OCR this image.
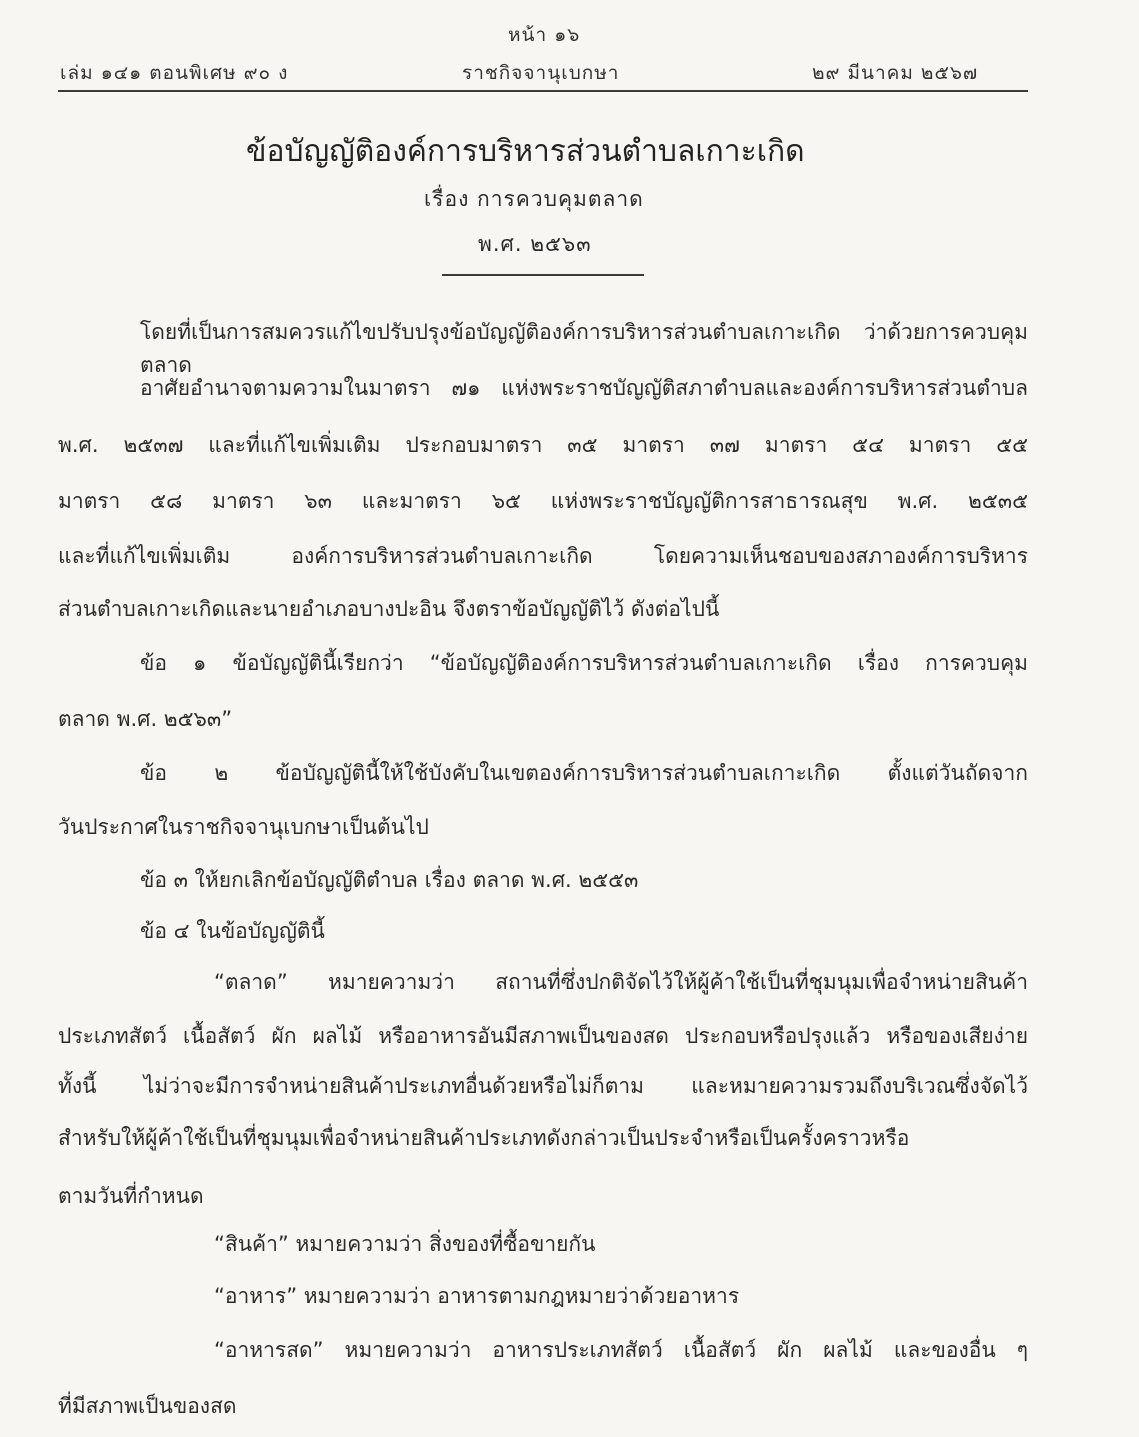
หน้า ๑๖
เล่ม ๑๔๑ ตอนพิเศษ ๙๐ ง	ราชกิจจานุเบกษา	๒๙ มีนาคม ๒๕๖๗
ข้อบัญญัติองค์การบริหารส่วนตำบลเกาะเกิด
เรื่อง การควบคุมตลาด
พ.ศ. ๒๕๖๓
โดยที่เป็นการสมควรแก้ไขปรับปรุงข้อบัญญัติองค์การบริหารส่วนตำบลเกาะเกิด ว่าด้วยการควบคุมตลาด
อาศัยอำนาจตามความในมาตรา ๗๑ แห่งพระราชบัญญัติสภาตำบลและองค์การบริหารส่วนตำบล
พ.ศ. ๒๕๓๗ และที่แก้ไขเพิ่มเติม ประกอบมาตรา ๓๕ มาตรา ๓๗ มาตรา ๕๔ มาตรา ๕๕
มาตรา ๕๘ มาตรา ๖๓ และมาตรา ๖๕ แห่งพระราชบัญญัติการสาธารณสุข พ.ศ. ๒๕๓๕
และที่แก้ไขเพิ่มเติม องค์การบริหารส่วนตำบลเกาะเกิด โดยความเห็นชอบของสภาองค์การบริหาร
ส่วนตำบลเกาะเกิดและนายอำเภอบางปะอิน จึงตราข้อบัญญัติไว้ ดังต่อไปนี้
ข้อ ๑ ข้อบัญญัตินี้เรียกว่า “ข้อบัญญัติองค์การบริหารส่วนตำบลเกาะเกิด เรื่อง การควบคุม
ตลาด พ.ศ. ๒๕๖๓”
ข้อ ๒ ข้อบัญญัตินี้ให้ใช้บังคับในเขตองค์การบริหารส่วนตำบลเกาะเกิด ตั้งแต่วันถัดจาก
วันประกาศในราชกิจจานุเบกษาเป็นต้นไป
ข้อ ๓ ให้ยกเลิกข้อบัญญัติตำบล เรื่อง ตลาด พ.ศ. ๒๕๕๓
ข้อ ๔ ในข้อบัญญัตินี้
“ตลาด” หมายความว่า สถานที่ซึ่งปกติจัดไว้ให้ผู้ค้าใช้เป็นที่ชุมนุมเพื่อจำหน่ายสินค้า
ประเภทสัตว์ เนื้อสัตว์ ผัก ผลไม้ หรืออาหารอันมีสภาพเป็นของสด ประกอบหรือปรุงแล้ว หรือของเสียง่าย
ทั้งนี้ ไม่ว่าจะมีการจำหน่ายสินค้าประเภทอื่นด้วยหรือไม่ก็ตาม และหมายความรวมถึงบริเวณซึ่งจัดไว้
สำหรับให้ผู้ค้าใช้เป็นที่ชุมนุมเพื่อจำหน่ายสินค้าประเภทดังกล่าวเป็นประจำหรือเป็นครั้งคราวหรือ
ตามวันที่กำหนด
“สินค้า” หมายความว่า สิ่งของที่ซื้อขายกัน
“อาหาร” หมายความว่า อาหารตามกฎหมายว่าด้วยอาหาร
“อาหารสด” หมายความว่า อาหารประเภทสัตว์ เนื้อสัตว์ ผัก ผลไม้ และของอื่น ๆ
ที่มีสภาพเป็นของสด
